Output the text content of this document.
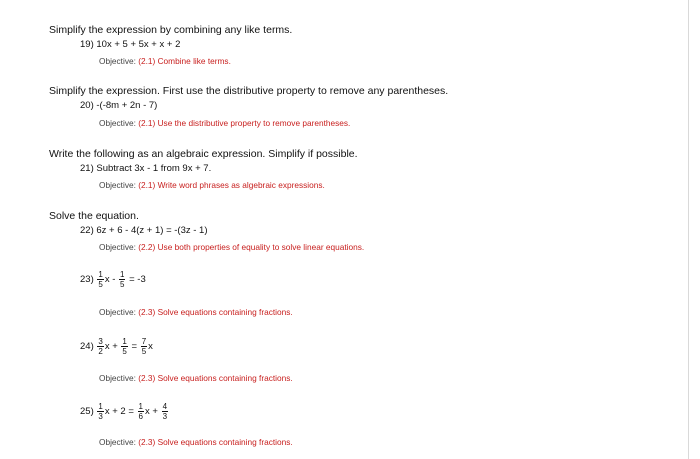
Simplify the expression by combining any like terms.
19) 10x + 5 + 5x + x + 2
Objective: (2.1) Combine like terms.
Simplify the expression. First use the distributive property to remove any parentheses.
20) -(-8m + 2n - 7)
Objective: (2.1) Use the distributive property to remove parentheses.
Write the following as an algebraic expression. Simplify if possible.
21) Subtract 3x - 1 from 9x + 7.
Objective: (2.1) Write word phrases as algebraic expressions.
Solve the equation.
22) 6z + 6 - 4(z + 1) = -(3z - 1)
Objective: (2.2) Use both properties of equality to solve linear equations.
$23) \frac{1}{5}$ $x - \frac{1}{5} = -3$
Objective: (2.3) Solve equations containing fractions.
$24) \frac{3}{2}$ $x + \frac{1}{5} = \frac{7}{5}$ x
Objective: (2.3) Solve equations containing fractions.
$25) \frac{1}{3}$ $x + 2 = \frac{1}{6}$ $x + \frac{4}{3}$
Objective: (2.3) Solve equations containing fractions.
